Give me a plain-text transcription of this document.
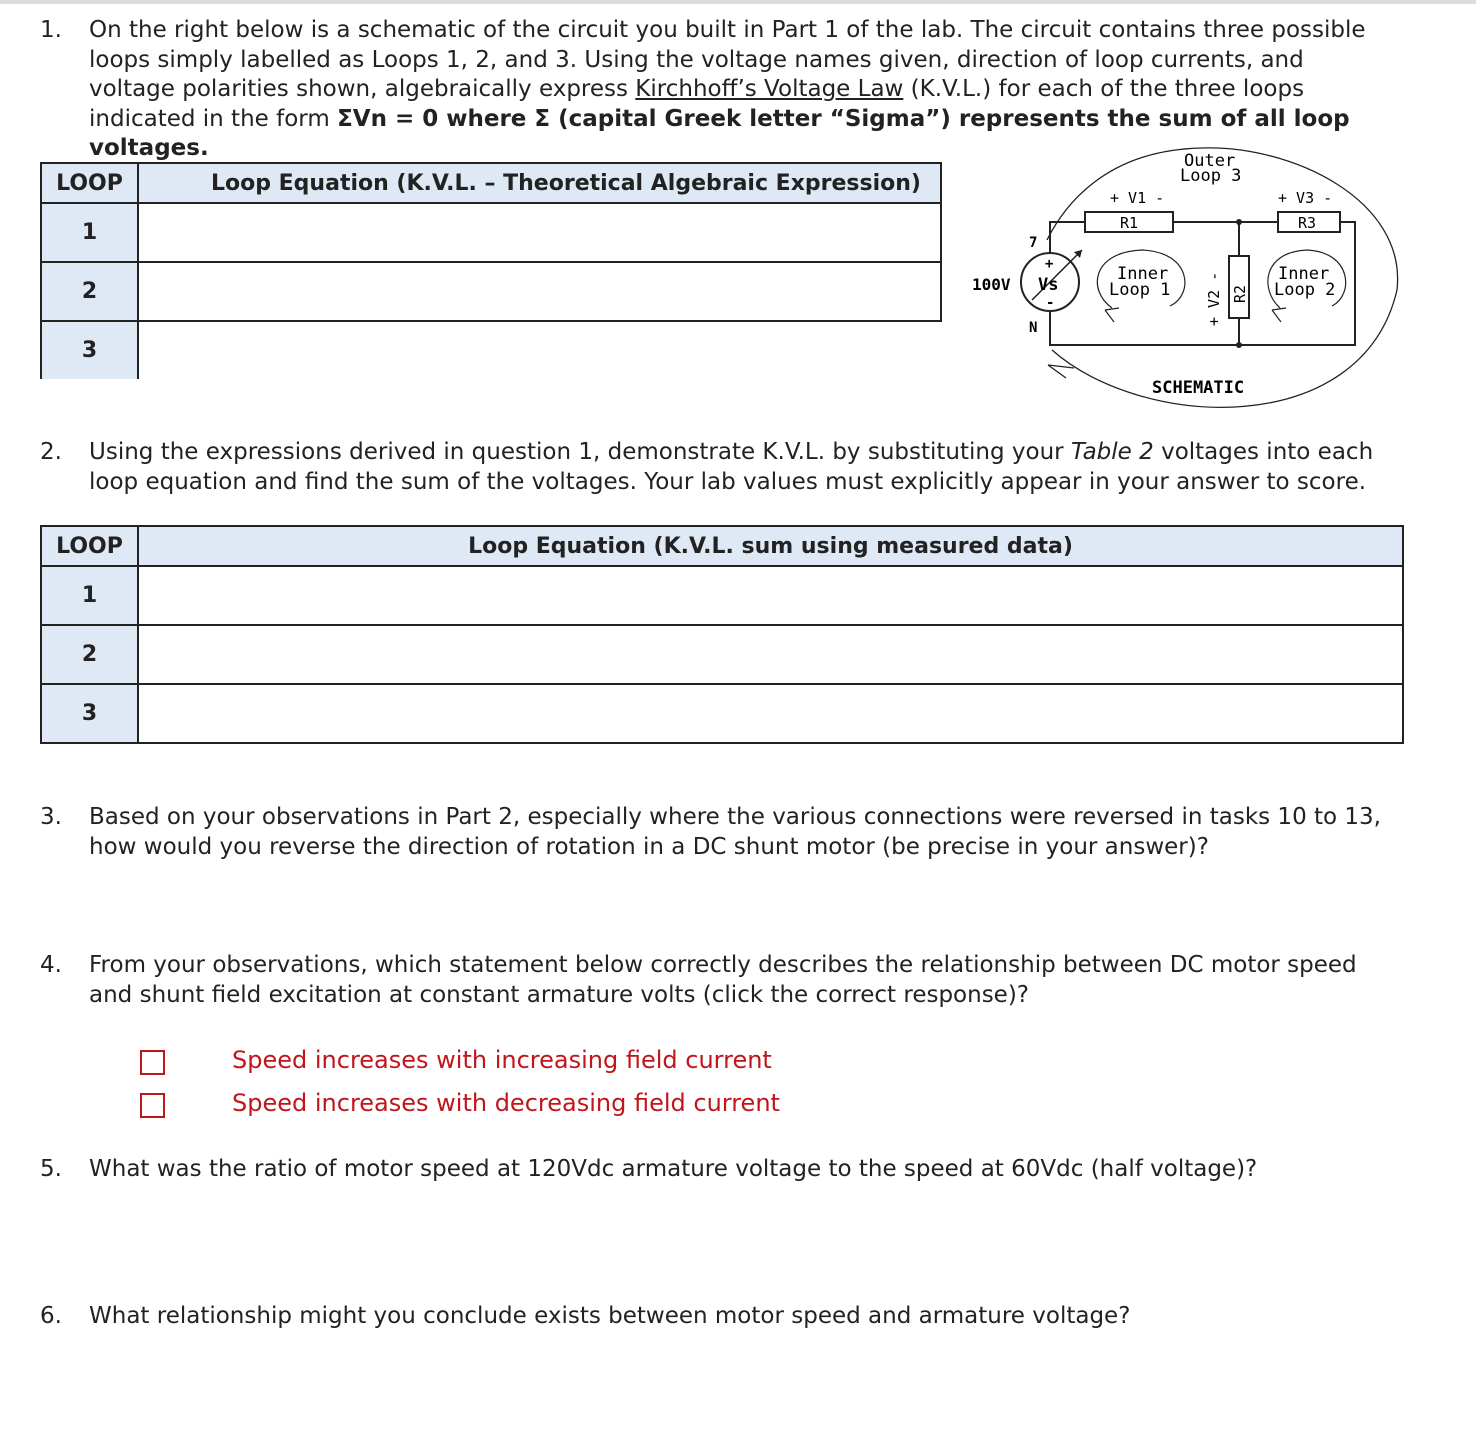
1. On the right below is a schematic of the circuit you built in Part 1 of the lab. The circuit contains three possible
loops simply labelled as Loops 1, 2, and 3. Using the voltage names given, direction of loop currents, and
voltage polarities shown, algebraically express Kirchhoff’s Voltage Law (K.V.L.) for each of the three loops
indicated in the form ΣVn = 0 where Σ (capital Greek letter “Sigma”) represents the sum of all loop voltages.
LOOP	Loop Equation (K.V.L. – Theoretical Algebraic Expression)
1	
2	
3	
Outer
Loop 3
Vs
+
-
100V
7
N
R1
+ V1 -
R3
+ V3 -
R2
+ V2 -
Inner
Loop 1
Inner
Loop 2
SCHEMATIC
2. Using the expressions derived in question 1, demonstrate K.V.L. by substituting your Table 2 voltages into each
loop equation and find the sum of the voltages. Your lab values must explicitly appear in your answer to score.
LOOP	Loop Equation (K.V.L. sum using measured data)
1	
2	
3	
3. Based on your observations in Part 2, especially where the various connections were reversed in tasks 10 to 13,
how would you reverse the direction of rotation in a DC shunt motor (be precise in your answer)?
4. From your observations, which statement below correctly describes the relationship between DC motor speed
and shunt field excitation at constant armature volts (click the correct response)?
Speed increases with increasing field current
Speed increases with decreasing field current
5. What was the ratio of motor speed at 120Vdc armature voltage to the speed at 60Vdc (half voltage)?
6. What relationship might you conclude exists between motor speed and armature voltage?
